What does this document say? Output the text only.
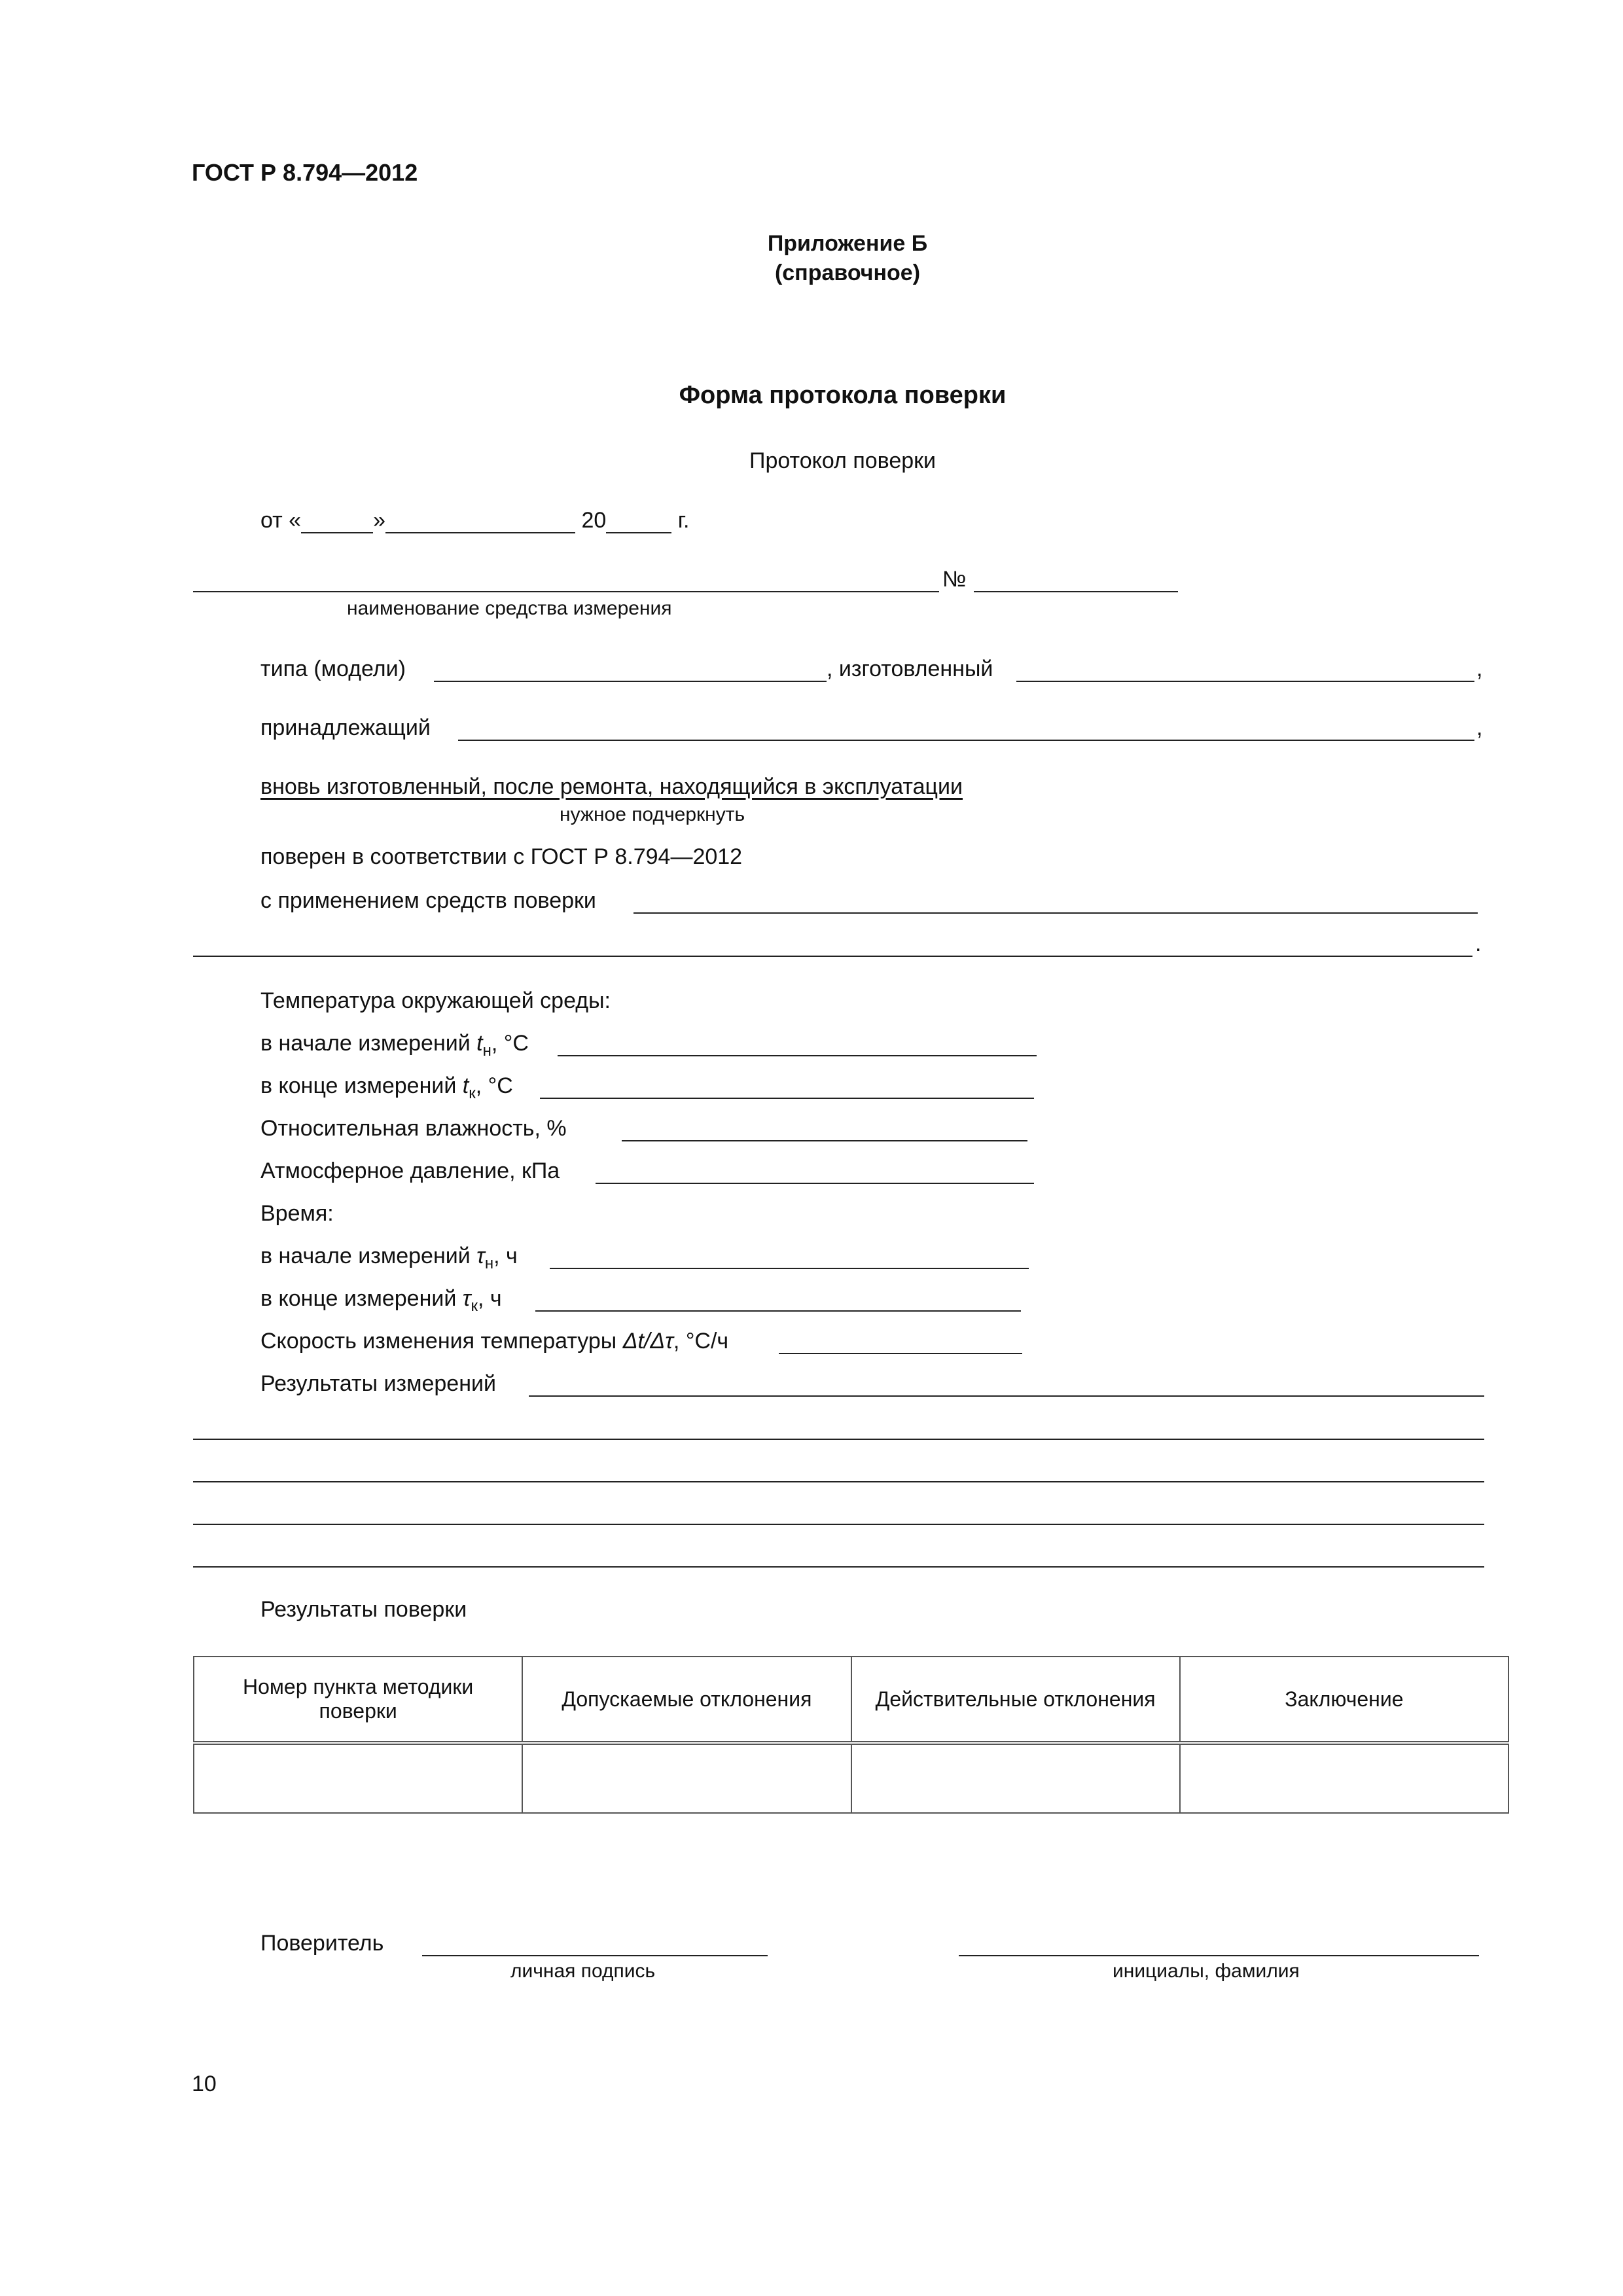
ГОСТ Р 8.794—2012
Приложение Б
(справочное)
Форма протокола поверки
Протокол поверки
от «	»	20	г.
№
наименование средства измерения
типа (модели)	, изготовленный	,
принадлежащий	,
вновь изготовленный, после ремонта, находящийся в эксплуатации
нужное подчеркнуть
поверен в соответствии с ГОСТ Р 8.794—2012
с применением средств поверки
.
Температура окружающей среды:
в начале измерений $t_н$, °C
в конце измерений $t_к$, °C
Относительная влажность, %
Атмосферное давление, кПа
Время:
в начале измерений $\tau_н$, ч
в конце измерений $\tau_к$, ч
Скорость изменения температуры Δt/Δτ, °C/ч
Результаты измерений
Результаты поверки
Номер пункта методики поверки	Допускаемые отклонения	Действительные отклонения	Заключение

Поверитель
личная подпись	инициалы, фамилия
10
